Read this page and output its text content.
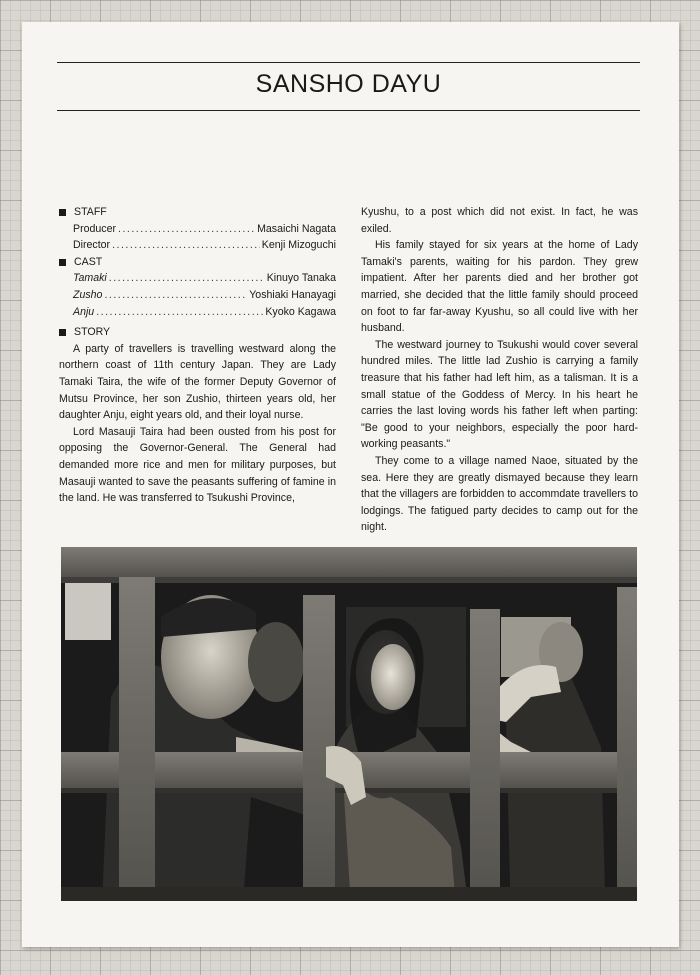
SANSHO DAYU
STAFF
Producer .....	Masaichi Nagata
Director .....	Kenji Mizoguchi
CAST
Tamaki .....	Kinuyo Tanaka
Zusho .....	Yoshiaki Hanayagi
Anju .....	Kyoko Kagawa
STORY

A party of travellers is travelling westward along the northern coast of 11th century Japan. They are Lady Tamaki Taira, the wife of the former Deputy Governor of Mutsu Province, her son Zushio, thirteen years old, her daughter Anju, eight years old, and their loyal nurse.

Lord Masauji Taira had been ousted from his post for opposing the Governor-General. The General had demanded more rice and men for military purposes, but Masauji wanted to save the peasants suffering of famine in the land. He was transferred to Tsukushi Province,

Kyushu, to a post which did not exist. In fact, he was exiled.

His family stayed for six years at the home of Lady Tamaki's parents, waiting for his pardon. They grew impatient. After her parents died and her brother got married, she decided that the little family should proceed on foot to far far-away Kyushu, so all could live with her husband.

The westward journey to Tsukushi would cover several hundred miles. The little lad Zushio is carrying a family treasure that his father had left him, as a talisman. It is a small statue of the Goddess of Mercy. In his heart he carries the last loving words his father left when parting: "Be good to your neighbors, especially the poor hard-working peasants."

They come to a village named Naoe, situated by the sea. Here they are greatly dismayed because they learn that the villagers are forbidden to accommdate travellers to lodgings. The fatigued party decides to camp out for the night.
